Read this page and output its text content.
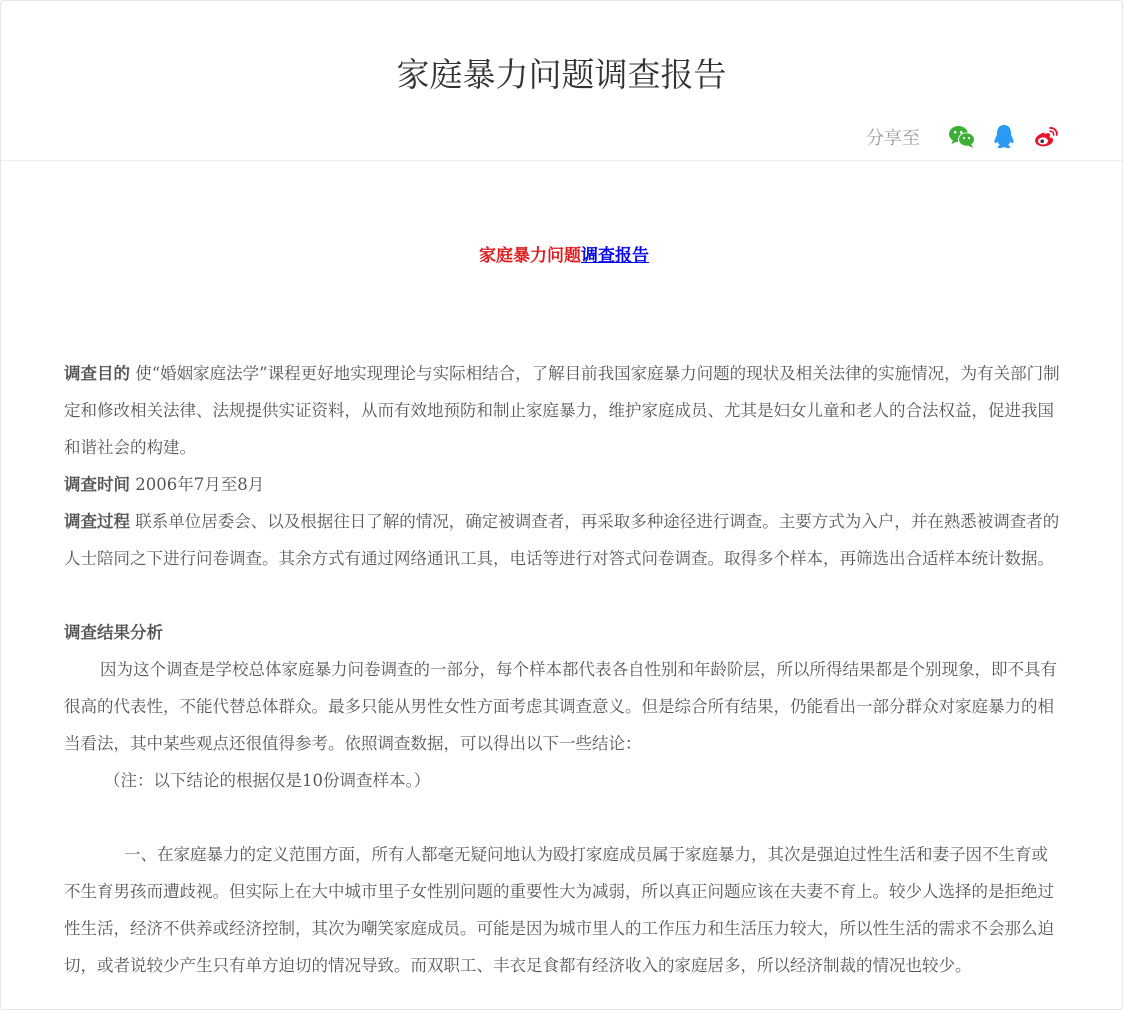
家庭暴力问题调查报告
分享至
家庭暴力问题调查报告

调查目的 使“婚姻家庭法学”课程更好地实现理论与实际相结合，了解目前我国家庭暴力问题的现状及相关法律的实施情况，为有关部门制定和修改相关法律、法规提供实证资料，从而有效地预防和制止家庭暴力，维护家庭成员、尤其是妇女儿童和老人的合法权益，促进我国和谐社会的构建。

调查时间 2006年7月至8月

调查过程 联系单位居委会、以及根据往日了解的情况，确定被调查者，再采取多种途径进行调查。主要方式为入户，并在熟悉被调查者的人士陪同之下进行问卷调查。其余方式有通过网络通讯工具，电话等进行对答式问卷调查。取得多个样本，再筛选出合适样本统计数据。

调查结果分析

因为这个调查是学校总体家庭暴力问卷调查的一部分，每个样本都代表各自性别和年龄阶层，所以所得结果都是个别现象，即不具有很高的代表性，不能代替总体群众。最多只能从男性女性方面考虑其调查意义。但是综合所有结果，仍能看出一部分群众对家庭暴力的相当看法，其中某些观点还很值得参考。依照调查数据，可以得出以下一些结论：

（注：以下结论的根据仅是10份调查样本。）

一、在家庭暴力的定义范围方面，所有人都毫无疑问地认为殴打家庭成员属于家庭暴力，其次是强迫过性生活和妻子因不生育或不生育男孩而遭歧视。但实际上在大中城市里子女性别问题的重要性大为减弱，所以真正问题应该在夫妻不育上。较少人选择的是拒绝过性生活，经济不供养或经济控制，其次为嘲笑家庭成员。可能是因为城市里人的工作压力和生活压力较大，所以性生活的需求不会那么迫切，或者说较少产生只有单方迫切的情况导致。而双职工、丰衣足食都有经济收入的家庭居多，所以经济制裁的情况也较少。
